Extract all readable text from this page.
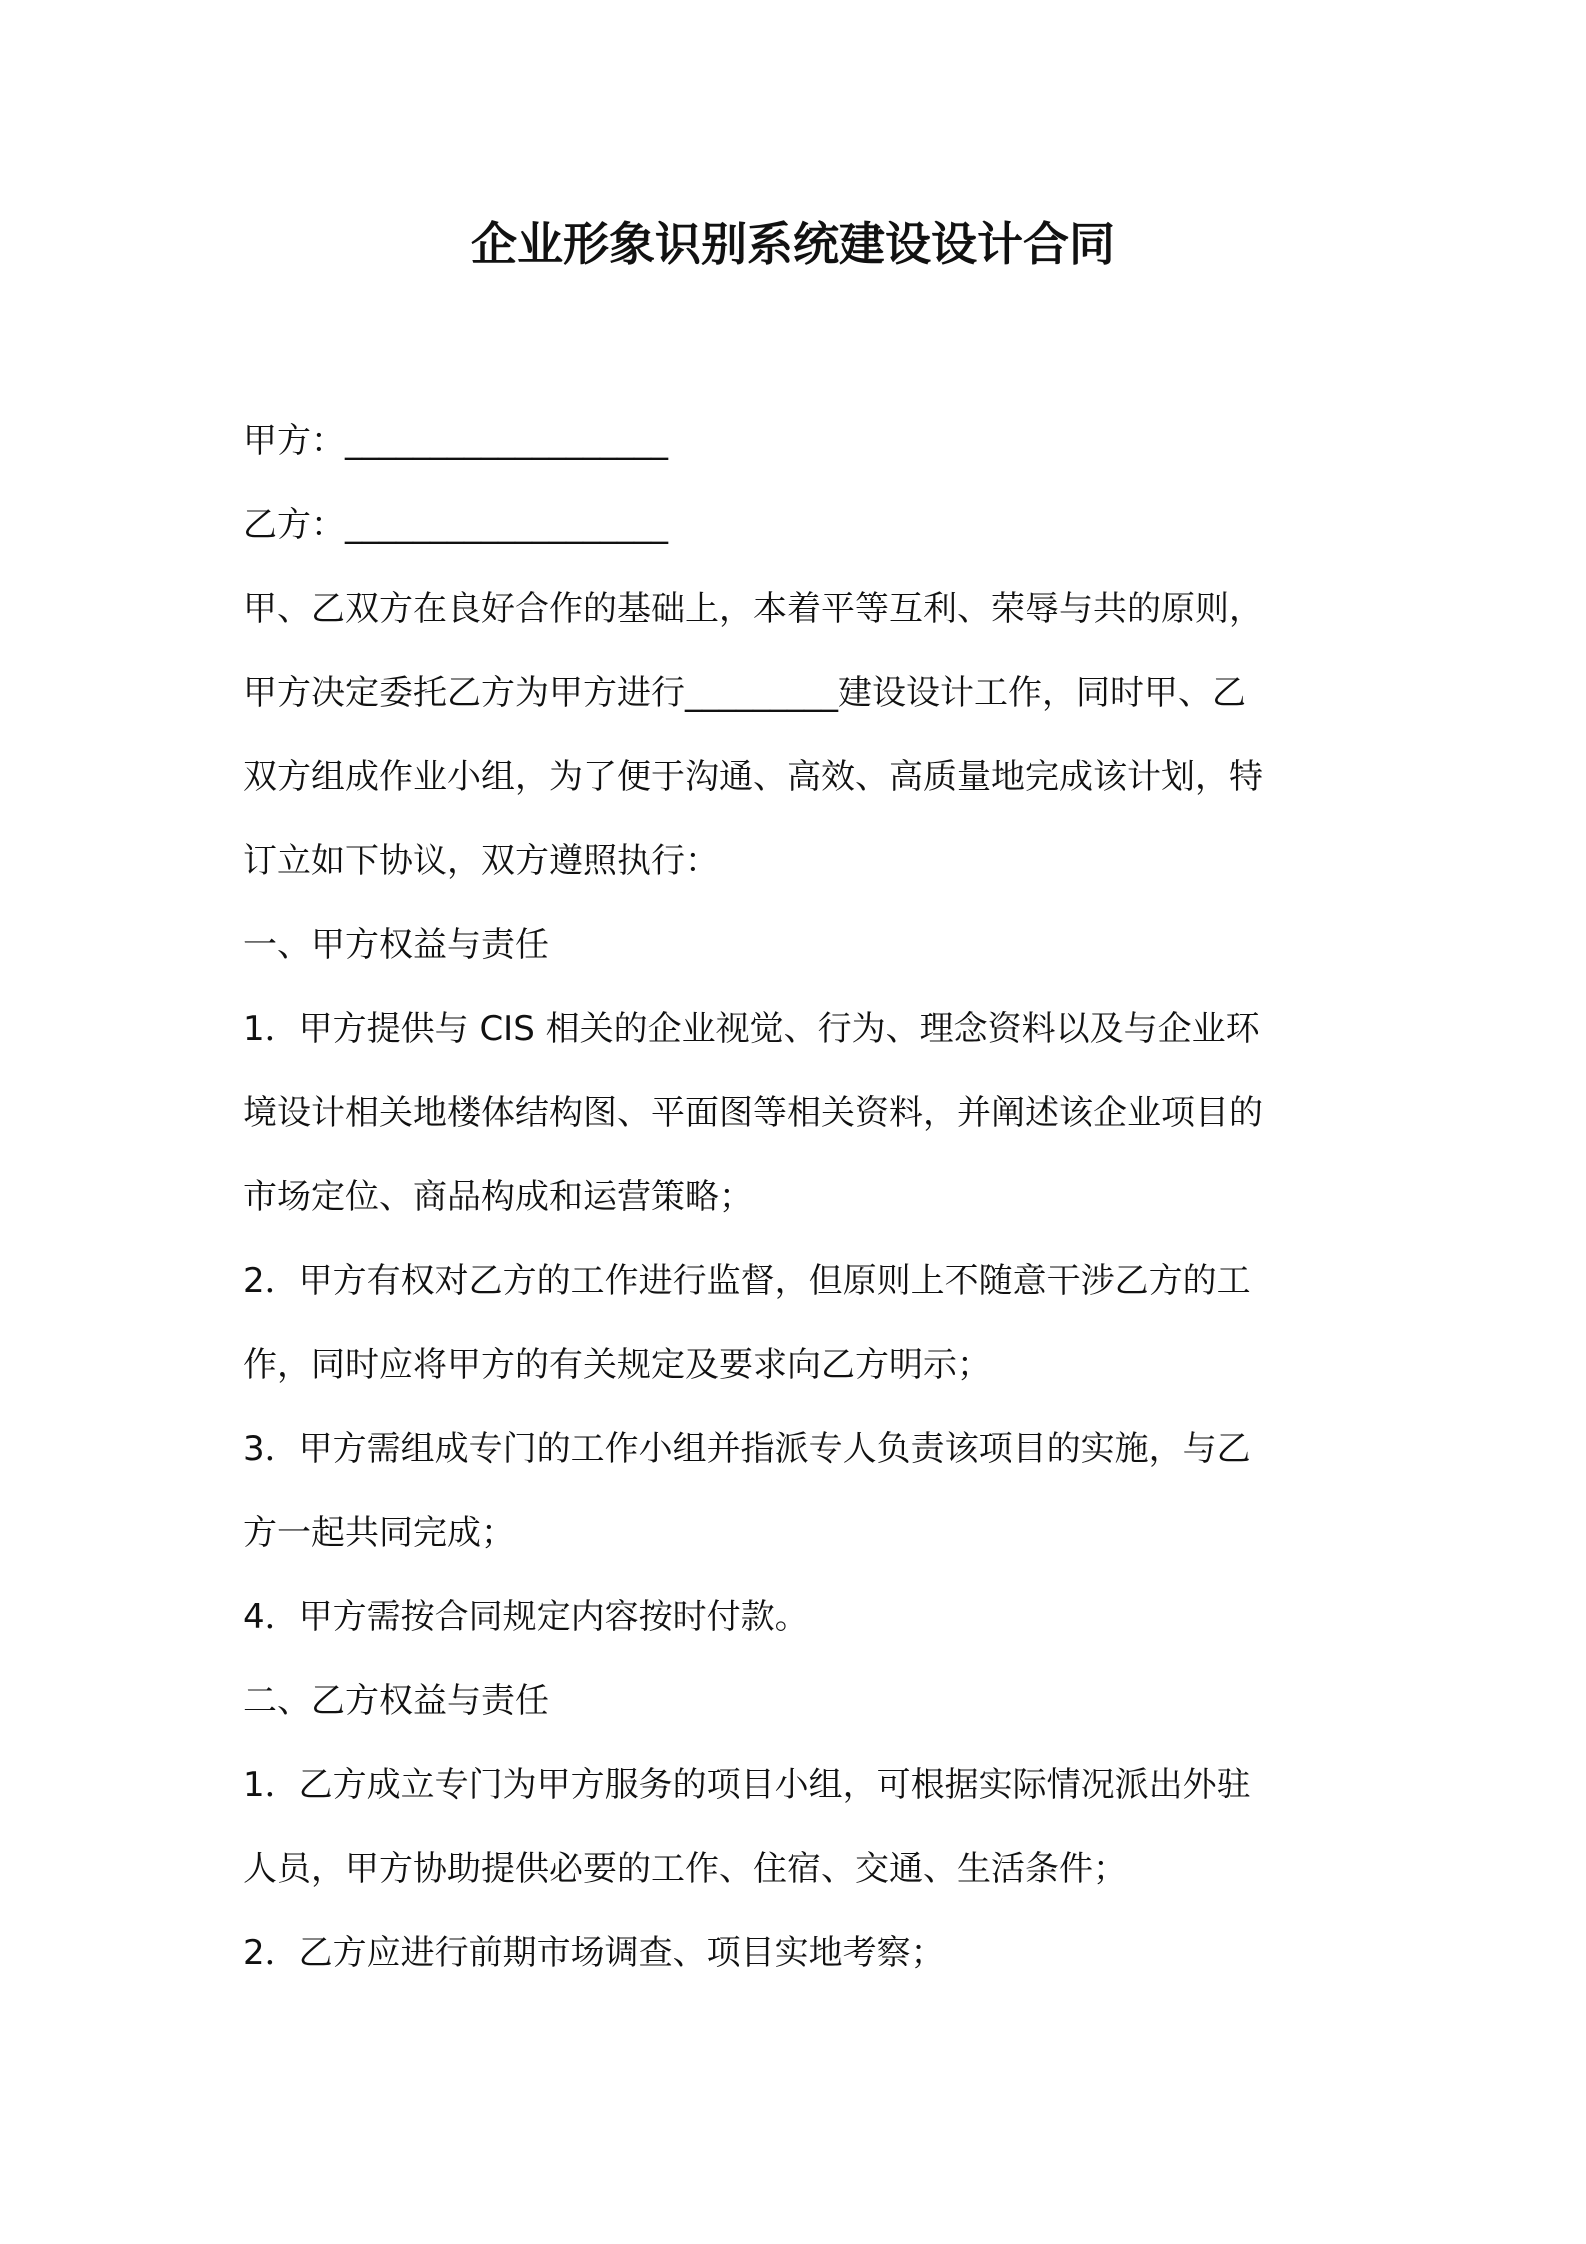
企业形象识别系统建设设计合同

甲方：___________________

乙方：___________________

甲、乙双方在良好合作的基础上，本着平等互利、荣辱与共的原则，

甲方决定委托乙方为甲方进行_________建设设计工作，同时甲、乙

双方组成作业小组，为了便于沟通、高效、高质量地完成该计划，特

订立如下协议，双方遵照执行：

一、甲方权益与责任

1．甲方提供与 CIS 相关的企业视觉、行为、理念资料以及与企业环

境设计相关地楼体结构图、平面图等相关资料，并阐述该企业项目的

市场定位、商品构成和运营策略；

2．甲方有权对乙方的工作进行监督，但原则上不随意干涉乙方的工

作，同时应将甲方的有关规定及要求向乙方明示；

3．甲方需组成专门的工作小组并指派专人负责该项目的实施，与乙

方一起共同完成；

4．甲方需按合同规定内容按时付款。

二、乙方权益与责任

1．乙方成立专门为甲方服务的项目小组，可根据实际情况派出外驻

人员，甲方协助提供必要的工作、住宿、交通、生活条件；

2．乙方应进行前期市场调查、项目实地考察；
